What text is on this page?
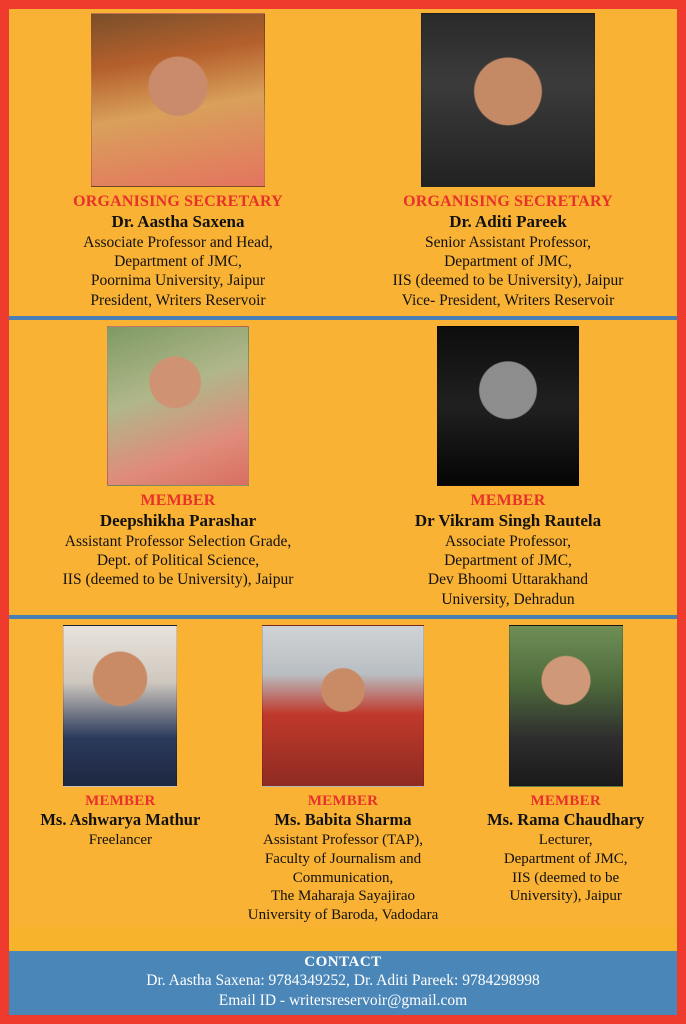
ORGANISING SECRETARY
Dr. Aastha Saxena
Associate Professor and Head,
Department of JMC,
Poornima University, Jaipur
President, Writers Reservoir
ORGANISING SECRETARY
Dr. Aditi Pareek
Senior Assistant Professor,
Department of JMC,
IIS (deemed to be University), Jaipur
Vice- President, Writers Reservoir
MEMBER
Deepshikha Parashar
Assistant Professor Selection Grade,
Dept. of Political Science,
IIS (deemed to be University), Jaipur
MEMBER
Dr Vikram Singh Rautela
Associate Professor,
Department of JMC,
Dev Bhoomi Uttarakhand
University, Dehradun
MEMBER
Ms. Ashwarya Mathur
Freelancer
MEMBER
Ms. Babita Sharma
Assistant Professor (TAP),
Faculty of Journalism and
Communication,
The Maharaja Sayajirao
University of Baroda, Vadodara
MEMBER
Ms. Rama Chaudhary
Lecturer,
Department of JMC,
IIS (deemed to be
University), Jaipur
CONTACT
Dr. Aastha Saxena: 9784349252, Dr. Aditi Pareek: 9784298998
Email ID - writersreservoir@gmail.com
